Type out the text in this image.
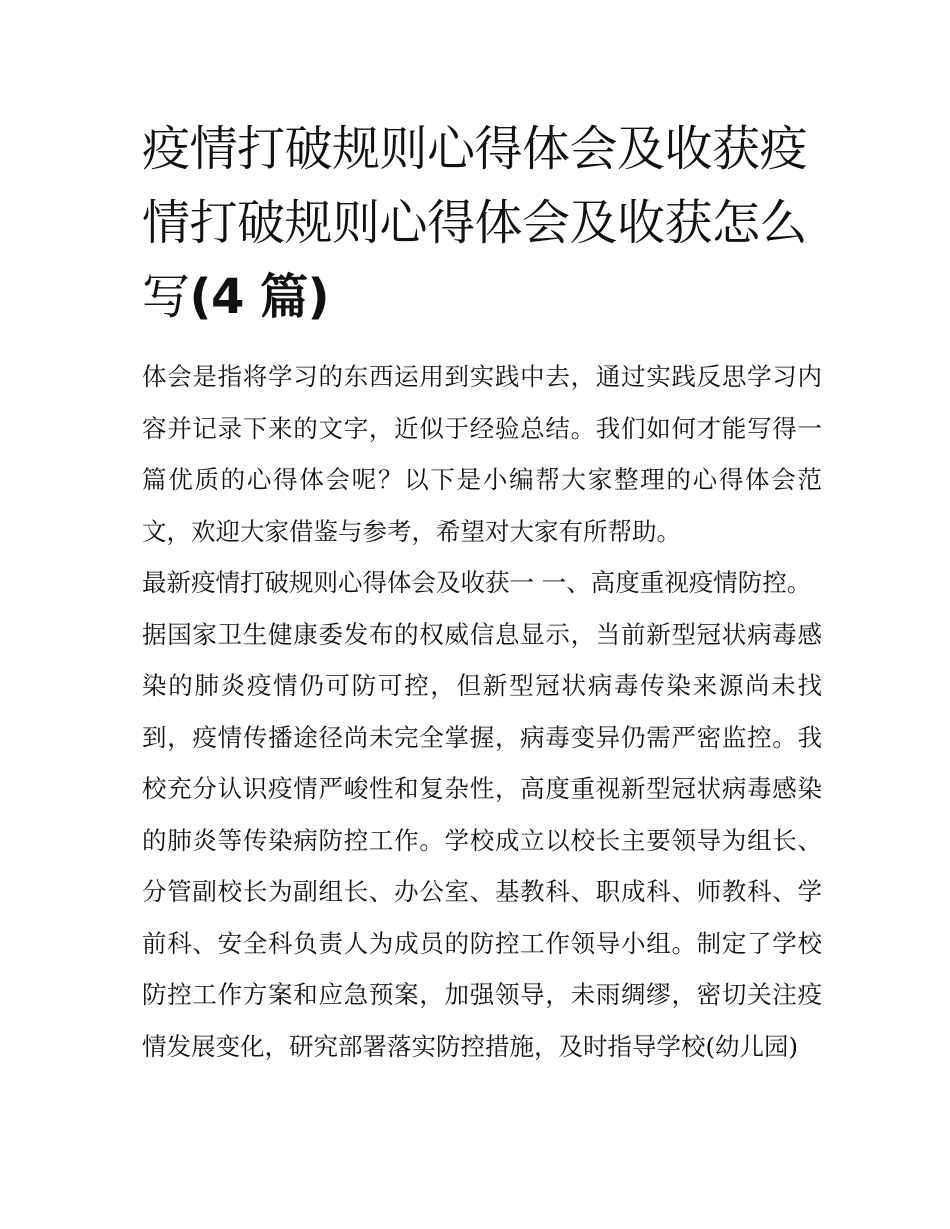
疫情打破规则心得体会及收获疫情打破规则心得体会及收获怎么写(4 篇)

体会是指将学习的东西运用到实践中去，通过实践反思学习内容并记录下来的文字，近似于经验总结。我们如何才能写得一篇优质的心得体会呢？以下是小编帮大家整理的心得体会范文，欢迎大家借鉴与参考，希望对大家有所帮助。

最新疫情打破规则心得体会及收获一 一、高度重视疫情防控。

据国家卫生健康委发布的权威信息显示，当前新型冠状病毒感染的肺炎疫情仍可防可控，但新型冠状病毒传染来源尚未找到，疫情传播途径尚未完全掌握，病毒变异仍需严密监控。我校充分认识疫情严峻性和复杂性，高度重视新型冠状病毒感染的肺炎等传染病防控工作。学校成立以校长主要领导为组长、分管副校长为副组长、办公室、基教科、职成科、师教科、学前科、安全科负责人为成员的防控工作领导小组。制定了学校防控工作方案和应急预案，加强领导，未雨绸缪，密切关注疫情发展变化，研究部署落实防控措施，及时指导学校(幼儿园)
